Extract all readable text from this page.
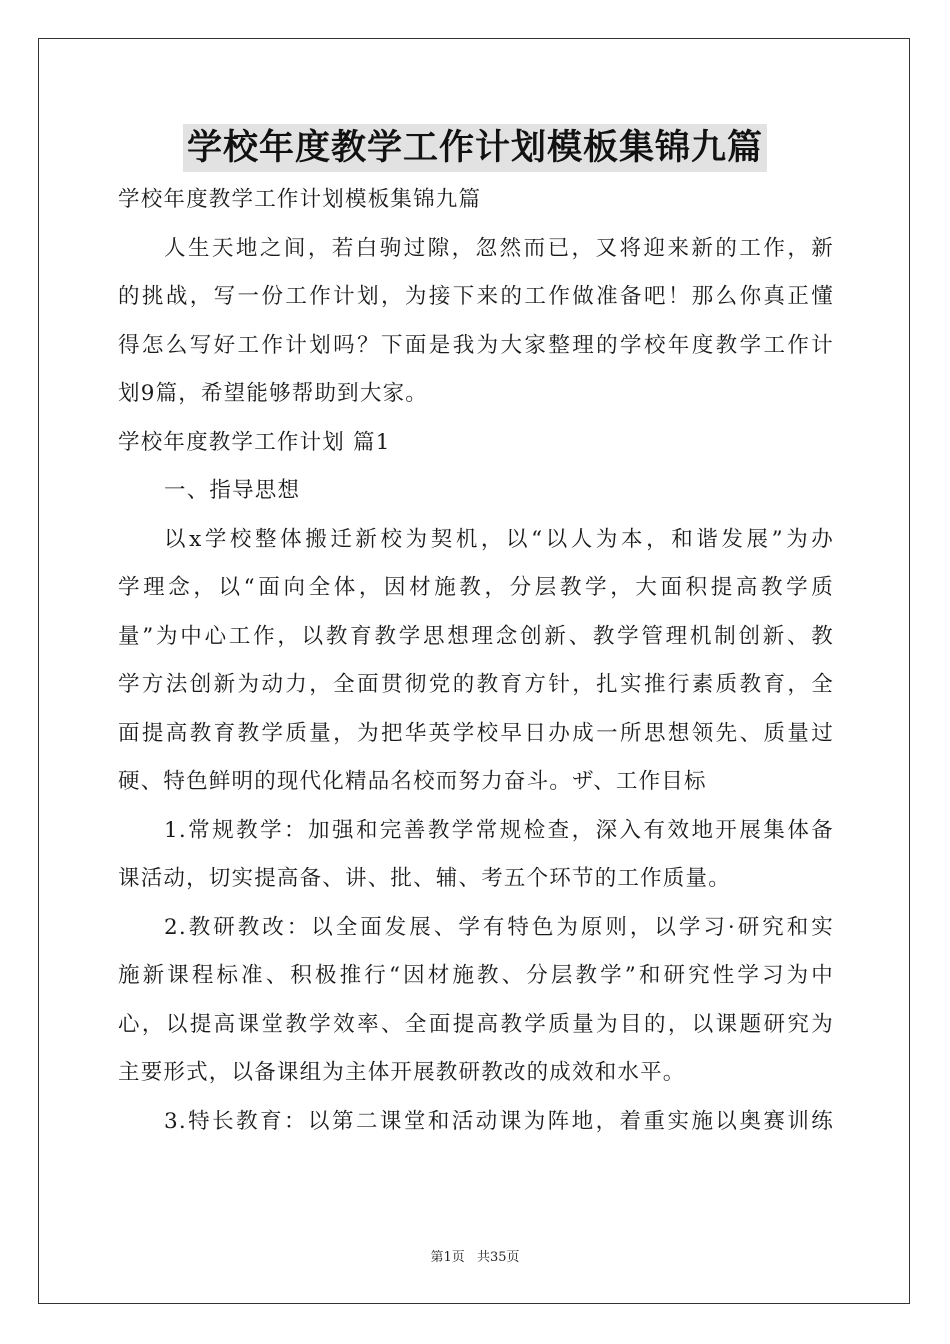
学校年度教学工作计划模板集锦九篇
学校年度教学工作计划模板集锦九篇
人生天地之间，若白驹过隙，忽然而已，又将迎来新的工作，新
的挑战，写一份工作计划，为接下来的工作做准备吧！那么你真正懂
得怎么写好工作计划吗？下面是我为大家整理的学校年度教学工作计
划9篇，希望能够帮助到大家。
学校年度教学工作计划 篇1
一、指导思想
以x学校整体搬迁新校为契机，以“以人为本，和谐发展”为办
学理念，以“面向全体，因材施教，分层教学，大面积提高教学质
量”为中心工作，以教育教学思想理念创新、教学管理机制创新、教
学方法创新为动力，全面贯彻党的教育方针，扎实推行素质教育，全
面提高教育教学质量，为把华英学校早日办成一所思想领先、质量过
硬、特色鲜明的现代化精品名校而努力奋斗。ザ、工作目标
1.常规教学：加强和完善教学常规检查，深入有效地开展集体备
课活动，切实提高备、讲、批、辅、考五个环节的工作质量。
2.教研教改：以全面发展、学有特色为原则，以学习·研究和实
施新课程标准、积极推行“因材施教、分层教学”和研究性学习为中
心，以提高课堂教学效率、全面提高教学质量为目的，以课题研究为
主要形式，以备课组为主体开展教研教改的成效和水平。
3.特长教育：以第二课堂和活动课为阵地，着重实施以奥赛训练
第1页 共35页
